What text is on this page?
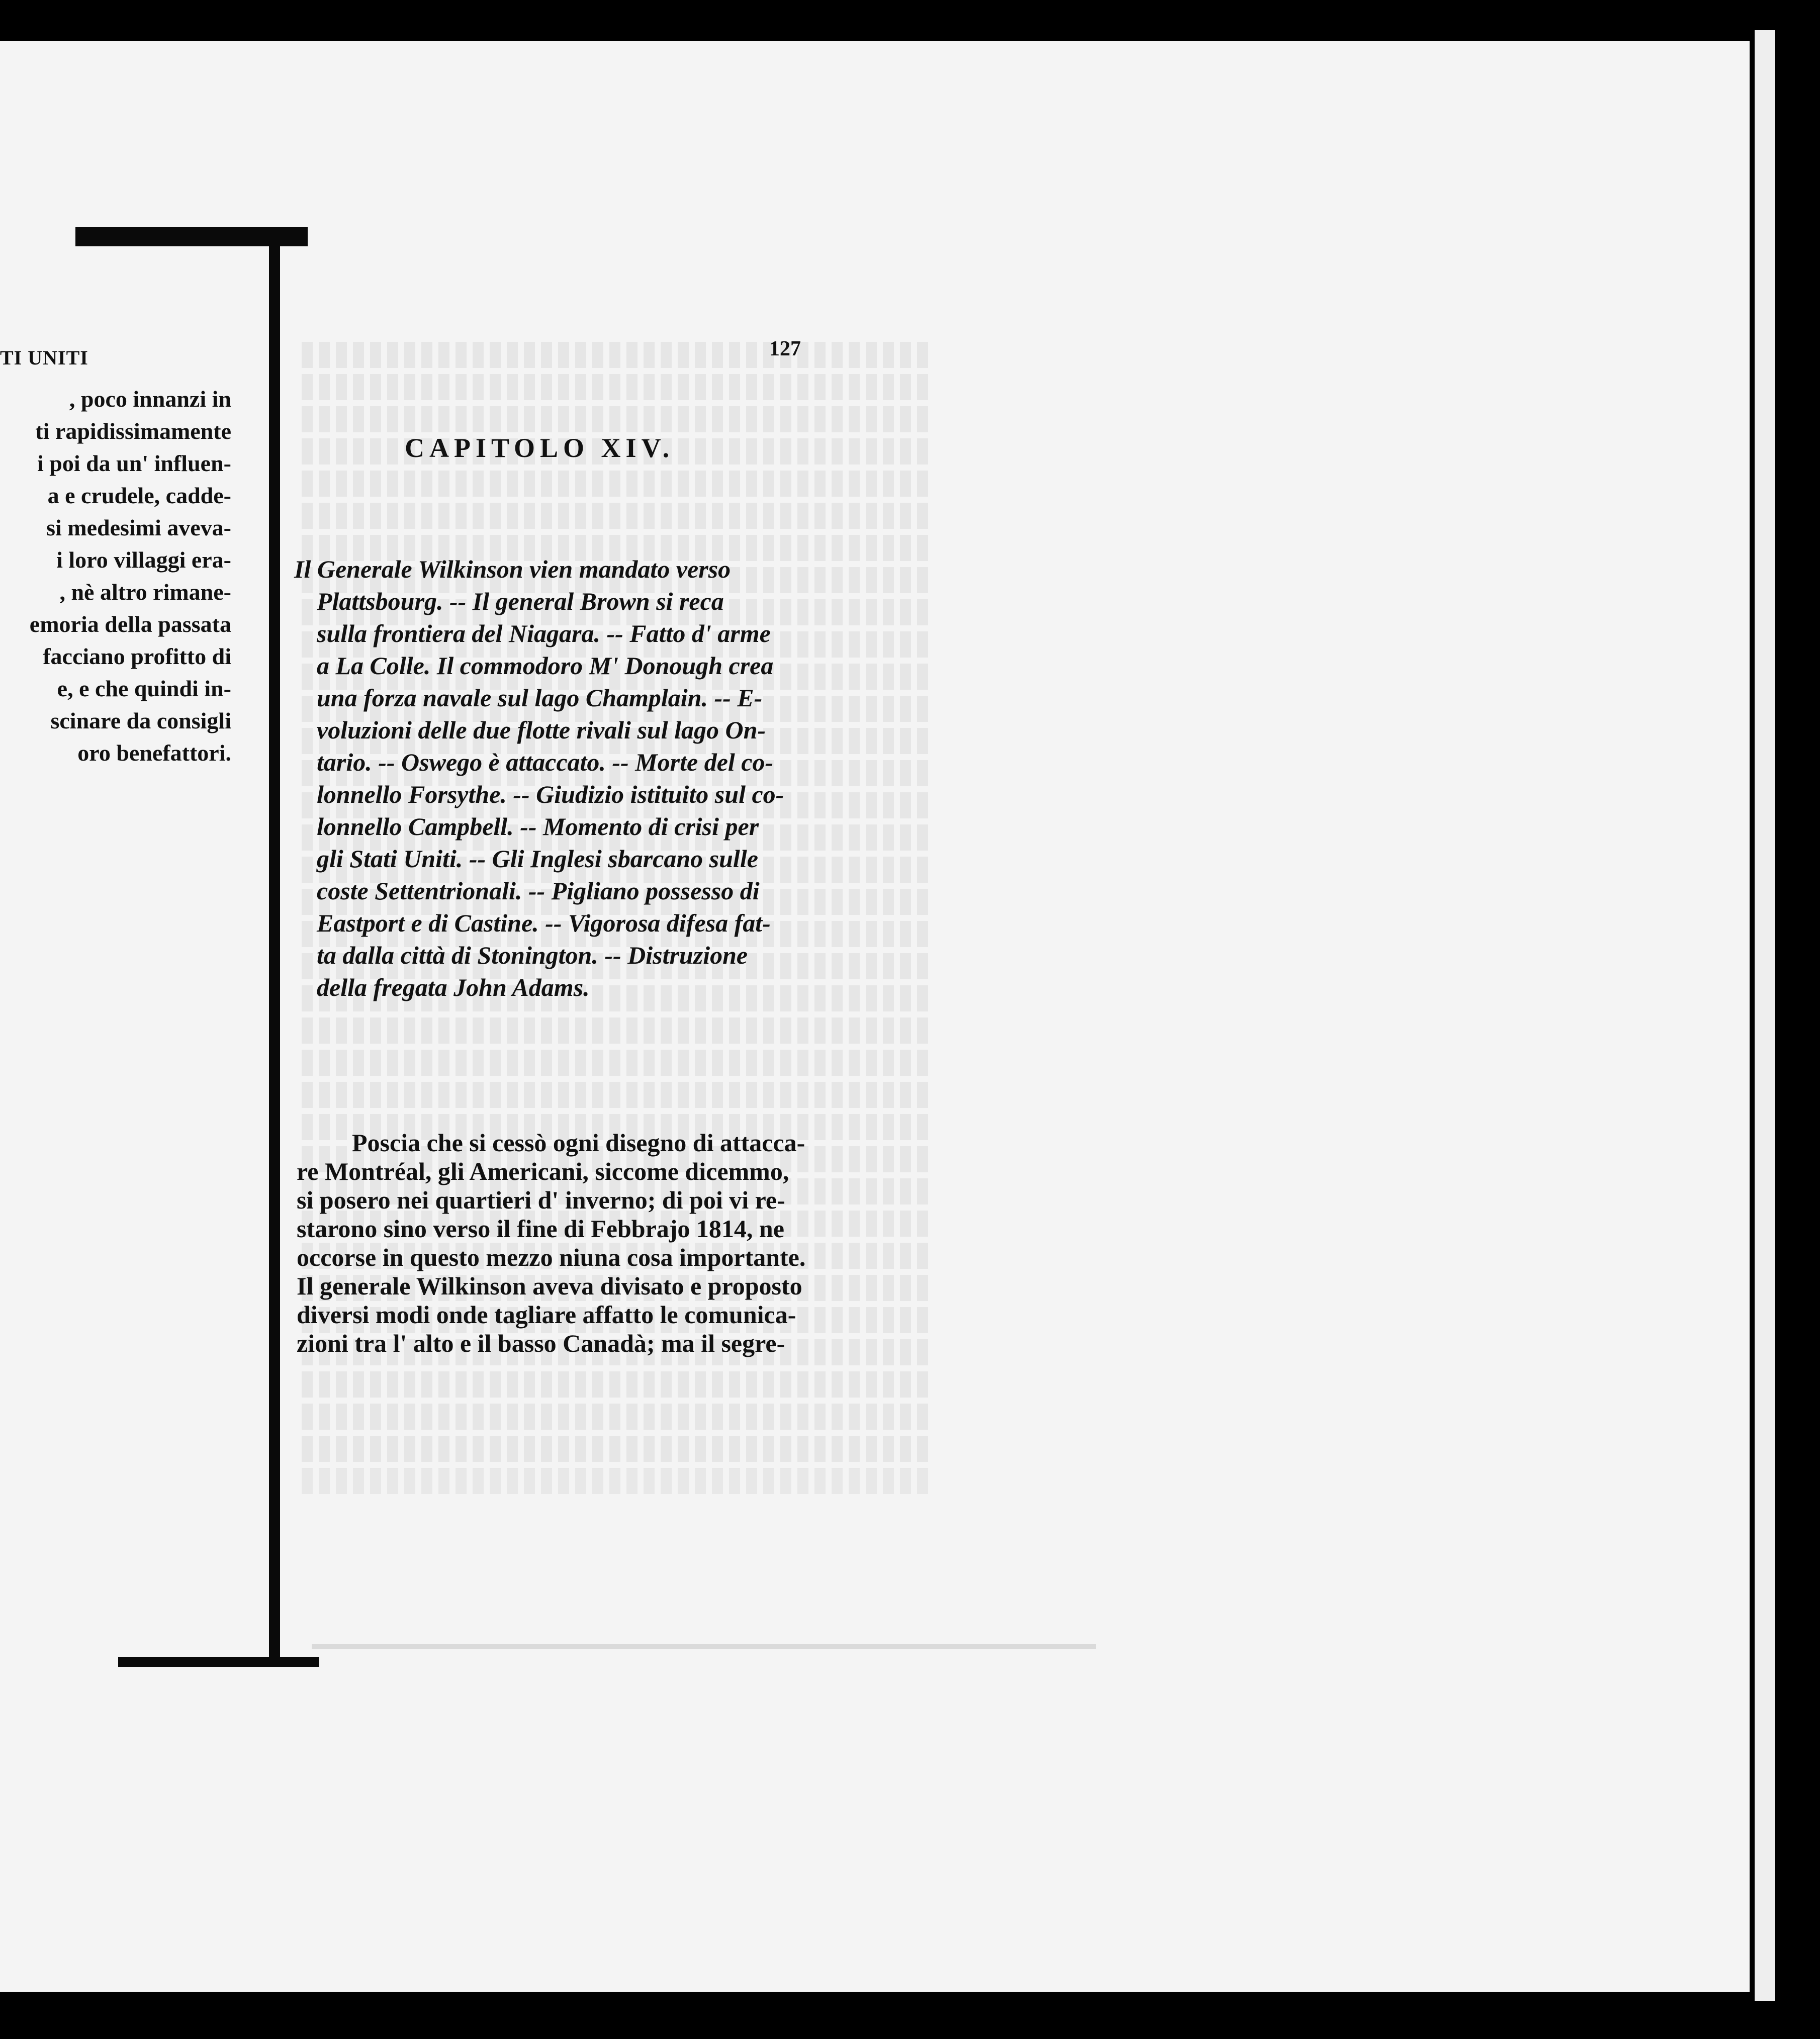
TI UNITI
, poco innanzi in
ti rapidissimamente
i poi da un' influen-
a e crudele, cadde-
si medesimi aveva-
i loro villaggi era-
, nè altro rimane-
emoria della passata
facciano profitto di
e, e che quindi in-
scinare da consigli
oro benefattori.
127
CAPITOLO XIV.
Il Generale Wilkinson vien mandato verso
Plattsbourg. -- Il general Brown si reca
sulla frontiera del Niagara. -- Fatto d' arme
a La Colle. Il commodoro M' Donough crea
una forza navale sul lago Champlain. -- E-
voluzioni delle due flotte rivali sul lago On-
tario. -- Oswego è attaccato. -- Morte del co-
lonnello Forsythe. -- Giudizio istituito sul co-
lonnello Campbell. -- Momento di crisi per
gli Stati Uniti. -- Gli Inglesi sbarcano sulle
coste Settentrionali. -- Pigliano possesso di
Eastport e di Castine. -- Vigorosa difesa fat-
ta dalla città di Stonington. -- Distruzione
della fregata John Adams.
Poscia che si cessò ogni disegno di attacca-
re Montréal, gli Americani, siccome dicemmo,
si posero nei quartieri d' inverno; di poi vi re-
starono sino verso il fine di Febbrajo 1814, ne
occorse in questo mezzo niuna cosa importante.
Il generale Wilkinson aveva divisato e proposto
diversi modi onde tagliare affatto le comunica-
zioni tra l' alto e il basso Canadà; ma il segre-
